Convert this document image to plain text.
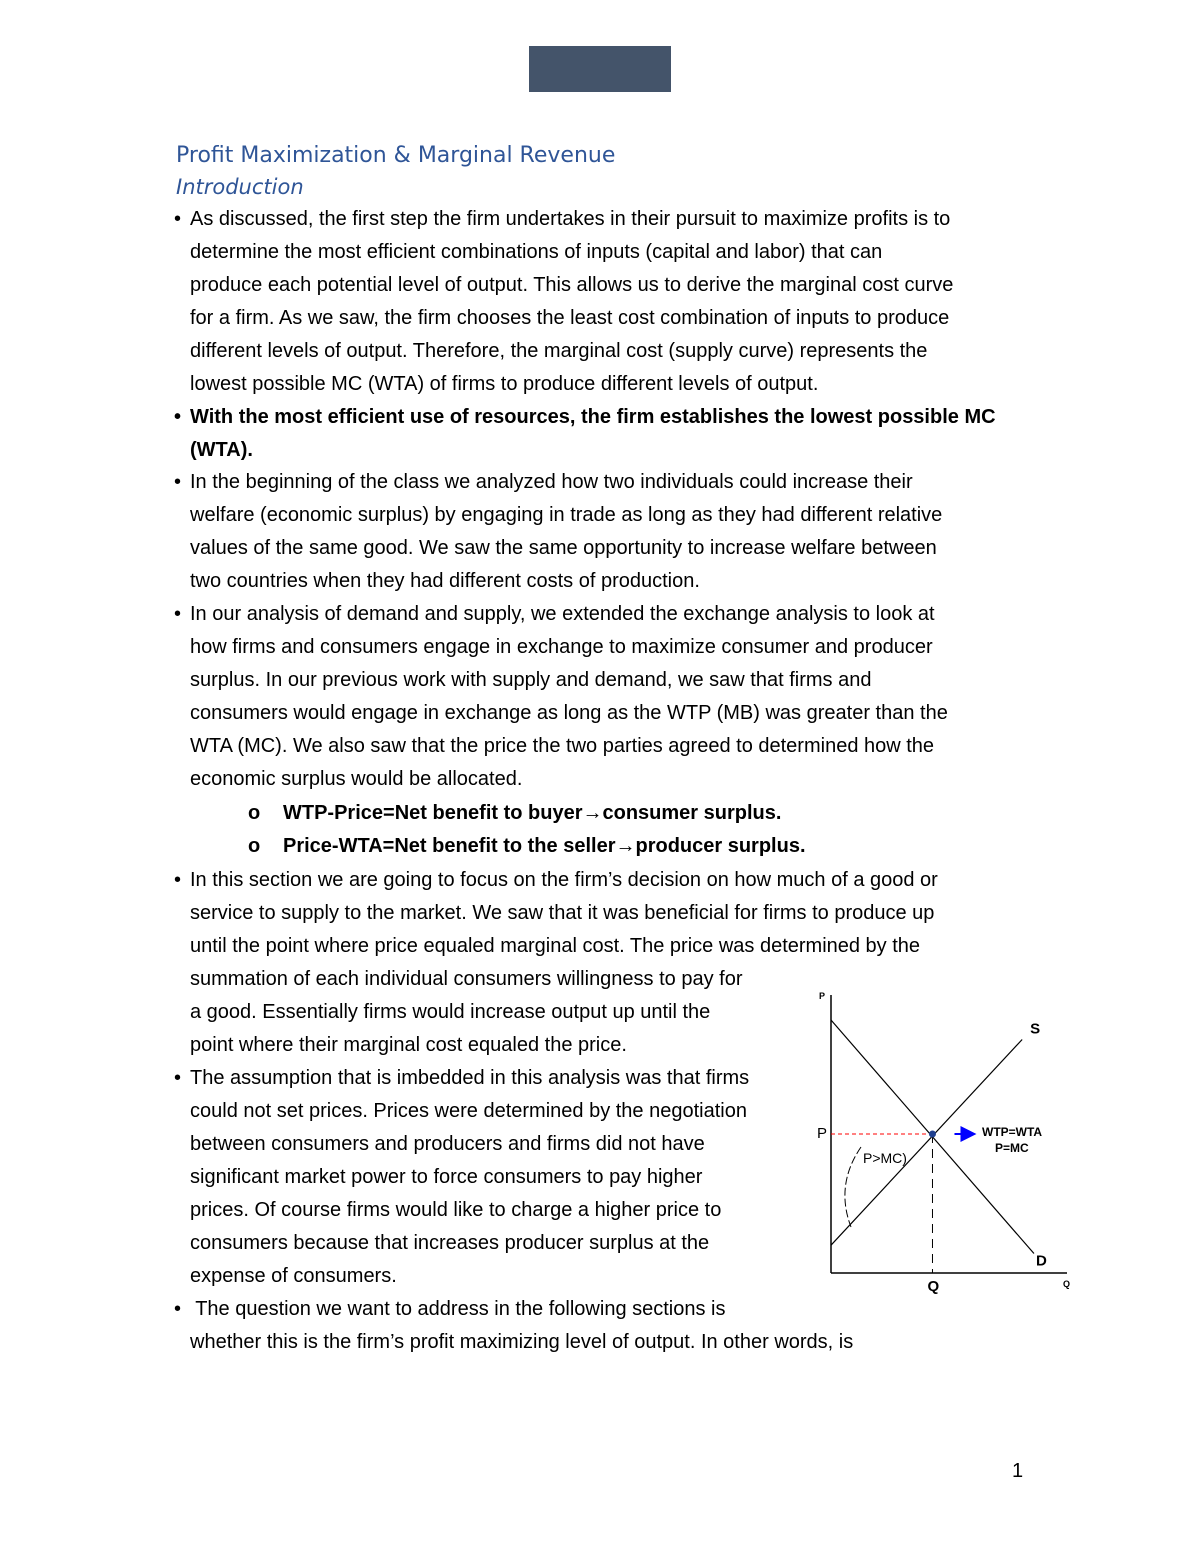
Profit Maximization & Marginal Revenue
Introduction
• As discussed, the first step the firm undertakes in their pursuit to maximize profits is to
determine the most efficient combinations of inputs (capital and labor) that can
produce each potential level of output. This allows us to derive the marginal cost curve
for a firm. As we saw, the firm chooses the least cost combination of inputs to produce
different levels of output. Therefore, the marginal cost (supply curve) represents the
lowest possible MC (WTA) of firms to produce different levels of output.
• With the most efficient use of resources, the firm establishes the lowest possible MC
(WTA).
• In the beginning of the class we analyzed how two individuals could increase their
welfare (economic surplus) by engaging in trade as long as they had different relative
values of the same good. We saw the same opportunity to increase welfare between
two countries when they had different costs of production.
• In our analysis of demand and supply, we extended the exchange analysis to look at
how firms and consumers engage in exchange to maximize consumer and producer
surplus. In our previous work with supply and demand, we saw that firms and
consumers would engage in exchange as long as the WTP (MB) was greater than the
WTA (MC). We also saw that the price the two parties agreed to determined how the
economic surplus would be allocated.
o WTP-Price=Net benefit to buyer→consumer surplus.
o Price-WTA=Net benefit to the seller→producer surplus.
• In this section we are going to focus on the firm’s decision on how much of a good or
service to supply to the market. We saw that it was beneficial for firms to produce up
until the point where price equaled marginal cost. The price was determined by the
summation of each individual consumers willingness to pay for
a good. Essentially firms would increase output up until the
point where their marginal cost equaled the price.
• The assumption that is imbedded in this analysis was that firms
could not set prices. Prices were determined by the negotiation
between consumers and producers and firms did not have
significant market power to force consumers to pay higher
prices. Of course firms would like to charge a higher price to
consumers because that increases producer surplus at the
expense of consumers.
• The question we want to address in the following sections is
whether this is the firm’s profit maximizing level of output. In other words, is
P
Q
S
D
P
Q
P>MC)
WTP=WTA
P=MC
1
